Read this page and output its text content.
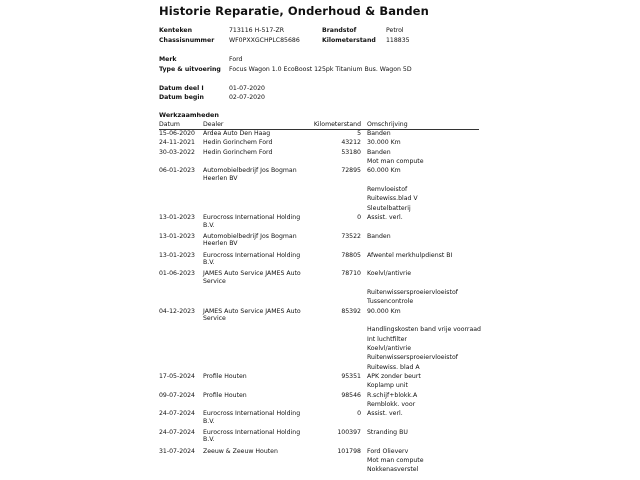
Historie Reparatie, Onderhoud & Banden
Kenteken	713116 H-517-ZR	Brandstof	Petrol
Chassisnummer WF0PXXGCHPLC85686	Kilometerstand 118835
Merk	Ford
Type & uitvoering Focus Wagon 1.0 EcoBoost 125pk Titanium Bus. Wagon 5D
Datum deel I	01-07-2020
Datum begin	02-07-2020
Werkzaamheden
Datum	Dealer	Kilometerstand Omschrijving
15-06-2020	Ardea Auto Den Haag	5 Banden
24-11-2021	Hedin Gorinchem Ford	43212 30.000 Km
30-03-2022	Hedin Gorinchem Ford	53180 Banden
Mot man compute
06-01-2023	Automobielbedrijf Jos Bogman Heerlen BV
72895 60.000 Km
Remvloeistof
Ruitewiss.blad V
Sleutelbatterij
13-01-2023	Eurocross International Holding B.V.
0 Assist. verl.
13-01-2023	Automobielbedrijf Jos Bogman Heerlen BV
73522 Banden
13-01-2023	Eurocross International Holding B.V.
78805 Afwentel merkhulpdienst BI
01-06-2023	JAMES Auto Service JAMES Auto Service
78710 Koelvl/antivrie
Ruitenwissersproeiervloeistof
Tussencontrole
04-12-2023	JAMES Auto Service JAMES Auto Service
85392 90.000 Km
Handlingskosten band vrije voorraad
Int luchtfilter
Koelvl/antivrie
Ruitenwissersproeiervloeistof
Ruitewiss. blad A
17-05-2024	Profile Houten	95351 APK zonder beurt
Koplamp unit
09-07-2024	Profile Houten	98546 R.schijf+blokk.A
Remblokk. voor
24-07-2024	Eurocross International Holding B.V.
0 Assist. verl.
24-07-2024	Eurocross International Holding B.V.
100397 Stranding BU
31-07-2024	Zeeuw & Zeeuw Houten	101798 Ford Olieverv
Mot man compute
Nokkenasverstel
